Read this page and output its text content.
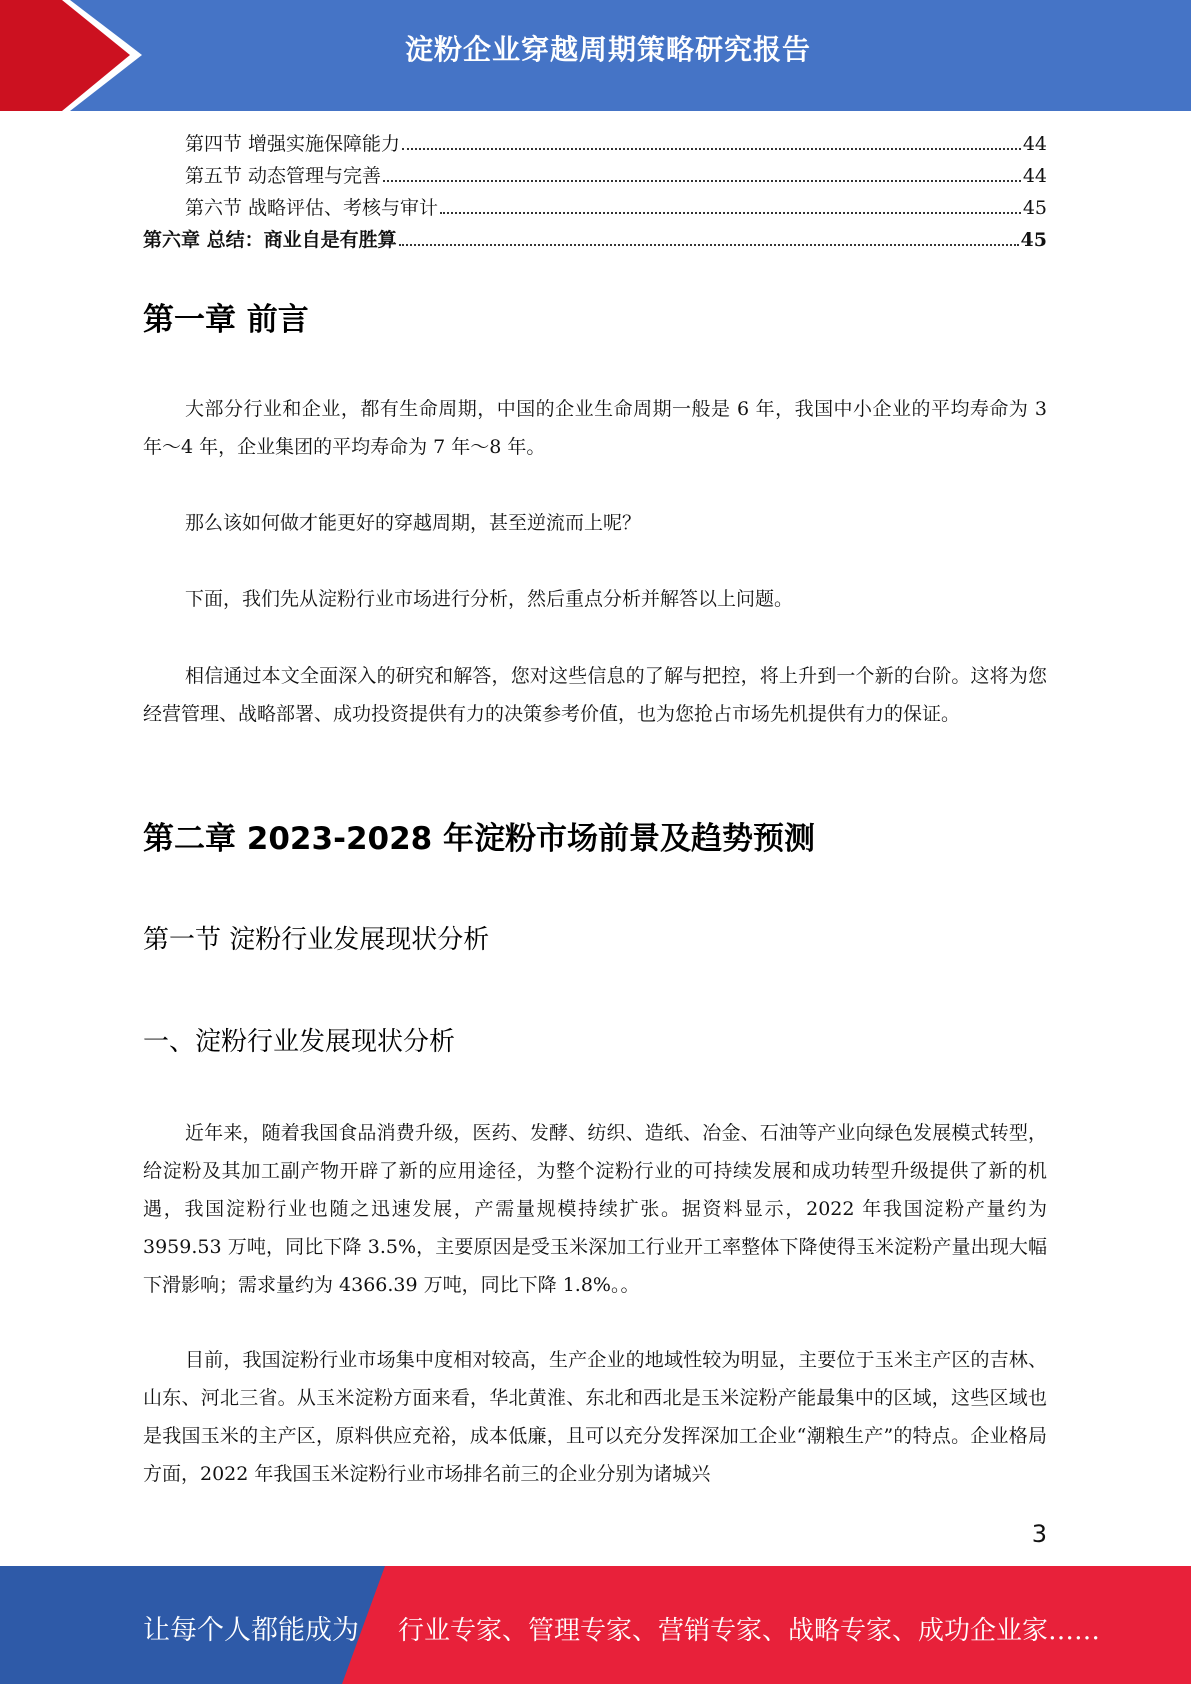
淀粉企业穿越周期策略研究报告
第四节 增强实施保障能力	44
第五节 动态管理与完善	44
第六节 战略评估、考核与审计	45
第六章 总结：商业自是有胜算	45
第一章 前言

大部分行业和企业，都有生命周期，中国的企业生命周期一般是 6 年，我国中小企业的平均寿命为 3 年～4 年，企业集团的平均寿命为 7 年～8 年。

那么该如何做才能更好的穿越周期，甚至逆流而上呢？

下面，我们先从淀粉行业市场进行分析，然后重点分析并解答以上问题。

相信通过本文全面深入的研究和解答，您对这些信息的了解与把控，将上升到一个新的台阶。这将为您经营管理、战略部署、成功投资提供有力的决策参考价值，也为您抢占市场先机提供有力的保证。

第二章 2023-2028 年淀粉市场前景及趋势预测
第一节 淀粉行业发展现状分析
一、淀粉行业发展现状分析

近年来，随着我国食品消费升级，医药、发酵、纺织、造纸、冶金、石油等产业向绿色发展模式转型，给淀粉及其加工副产物开辟了新的应用途径，为整个淀粉行业的可持续发展和成功转型升级提供了新的机遇，我国淀粉行业也随之迅速发展，产需量规模持续扩张。据资料显示，2022 年我国淀粉产量约为 3959.53 万吨，同比下降 3.5%，主要原因是受玉米深加工行业开工率整体下降使得玉米淀粉产量出现大幅下滑影响；需求量约为 4366.39 万吨，同比下降 1.8%。。

目前，我国淀粉行业市场集中度相对较高，生产企业的地域性较为明显，主要位于玉米主产区的吉林、山东、河北三省。从玉米淀粉方面来看，华北黄淮、东北和西北是玉米淀粉产能最集中的区域，这些区域也是我国玉米的主产区，原料供应充裕，成本低廉，且可以充分发挥深加工企业“潮粮生产”的特点。企业格局方面，2022 年我国玉米淀粉行业市场排名前三的企业分别为诸城兴

3
让每个人都能成为 行业专家、管理专家、营销专家、战略专家、成功企业家……
